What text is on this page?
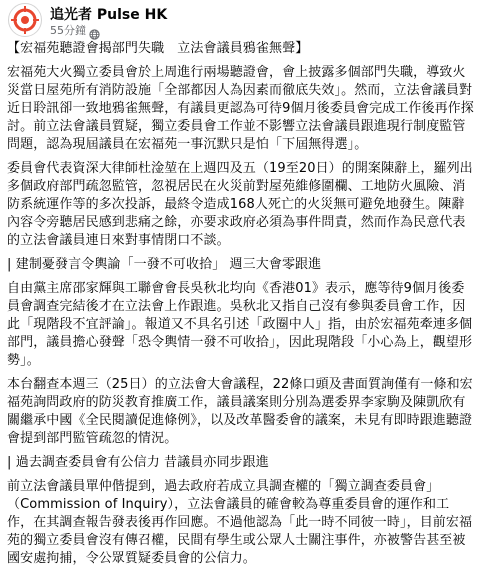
追光者 Pulse HK
55分鐘

【宏福苑聽證會揭部門失職　立法會議員鴉雀無聲】

宏福苑大火獨立委員會於上周進行兩場聽證會，會上披露多個部門失職，導致火災當日屋苑所有消防設施「全部都因人為因素而徹底失效」。然而，立法會議員對近日聆訊卻一致地鴉雀無聲，有議員更認為可待9個月後委員會完成工作後再作探討。前立法會議員質疑，獨立委員會工作並不影響立法會議員跟進現行制度監管問題，認為現屆議員在宏福苑一事沉默只是怕「下屆無得選」。

委員會代表資深大律師杜淦堃在上週四及五（19至20日）的開案陳辭上，羅列出多個政府部門疏忽監管，忽視居民在火災前對屋苑維修圍欄、工地防火風險、消防系統運作等的多次投訴，最終令造成168人死亡的火災無可避免地發生。陳辭內容令旁聽居民感到悲痛之餘，亦要求政府必須為事件問責，然而作為民意代表的立法會議員連日來對事情閉口不談。

| 建制憂發言令輿論「一發不可收拾」 週三大會零跟進

自由黨主席邵家輝與工聯會會長吳秋北均向《香港01》表示，應等待9個月後委員會調查完結後才在立法會上作跟進。吳秋北又指自己沒有參與委員會工作，因此「現階段不宜評論」。報道又不具名引述「政圈中人」指，由於宏福苑牽連多個部門，議員擔心發聲「恐令輿情一發不可收拾」，因此現階段「小心為上，觀望形勢」。

本台翻查本週三（25日）的立法會大會議程，22條口頭及書面質詢僅有一條和宏福苑詢問政府的防災教育推廣工作，議員議案則分別為選委界李家駒及陳凱欣有關繼承中國《全民閱讀促進條例》，以及改革醫委會的議案，未見有即時跟進聽證會提到部門監管疏忽的情況。

| 過去調查委員會有公信力 昔議員亦同步跟進

前立法會議員單仲偕提到，過去政府若成立具調查權的「獨立調查委員會」（Commission of Inquiry），立法會議員的確會較為尊重委員會的運作和工作，在其調查報告發表後再作回應。不過他認為「此一時不同彼一時」，目前宏福苑的獨立委員會沒有傳召權，民間有學生或公眾人士關注事件，亦被警告甚至被國安處拘捕，令公眾質疑委員會的公信力。
